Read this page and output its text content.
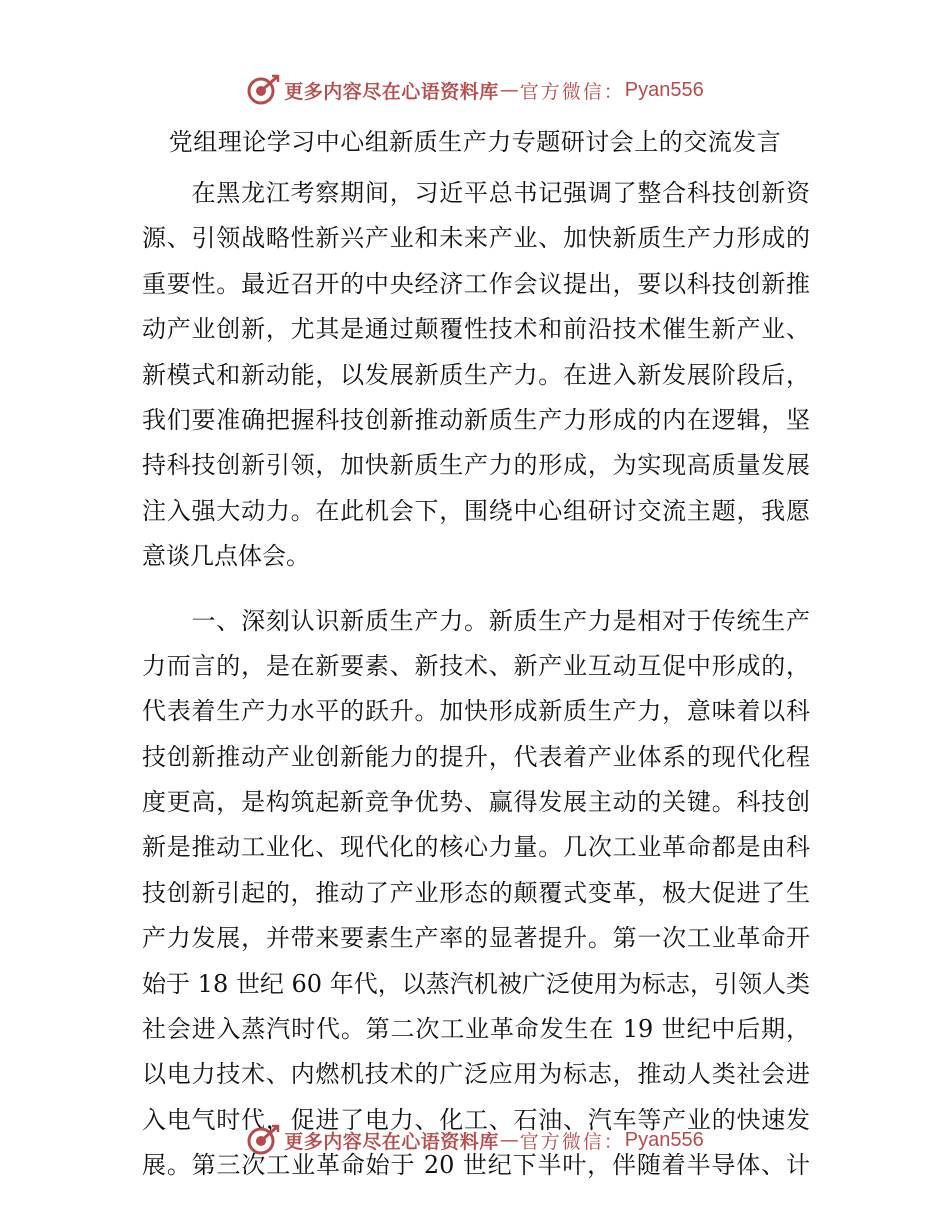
更多内容尽在心语资料库 — 官方微信： Pyan556
党组理论学习中心组新质生产力专题研讨会上的交流发言
　　在黑龙江考察期间，习近平总书记强调了整合科技创新资
源、引领战略性新兴产业和未来产业、加快新质生产力形成的
重要性。最近召开的中央经济工作会议提出，要以科技创新推
动产业创新，尤其是通过颠覆性技术和前沿技术催生新产业、
新模式和新动能，以发展新质生产力。在进入新发展阶段后，
我们要准确把握科技创新推动新质生产力形成的内在逻辑，坚
持科技创新引领，加快新质生产力的形成，为实现高质量发展
注入强大动力。在此机会下，围绕中心组研讨交流主题，我愿
意谈几点体会。
　　一、深刻认识新质生产力。新质生产力是相对于传统生产
力而言的，是在新要素、新技术、新产业互动互促中形成的，
代表着生产力水平的跃升。加快形成新质生产力，意味着以科
技创新推动产业创新能力的提升，代表着产业体系的现代化程
度更高，是构筑起新竞争优势、赢得发展主动的关键。科技创
新是推动工业化、现代化的核心力量。几次工业革命都是由科
技创新引起的，推动了产业形态的颠覆式变革，极大促进了生
产力发展，并带来要素生产率的显著提升。第一次工业革命开
始于 18 世纪 60 年代，以蒸汽机被广泛使用为标志，引领人类
社会进入蒸汽时代。第二次工业革命发生在 19 世纪中后期，
以电力技术、内燃机技术的广泛应用为标志，推动人类社会进
入电气时代，促进了电力、化工、石油、汽车等产业的快速发
展。第三次工业革命始于 20 世纪下半叶，伴随着半导体、计
更多内容尽在心语资料库 — 官方微信： Pyan556
